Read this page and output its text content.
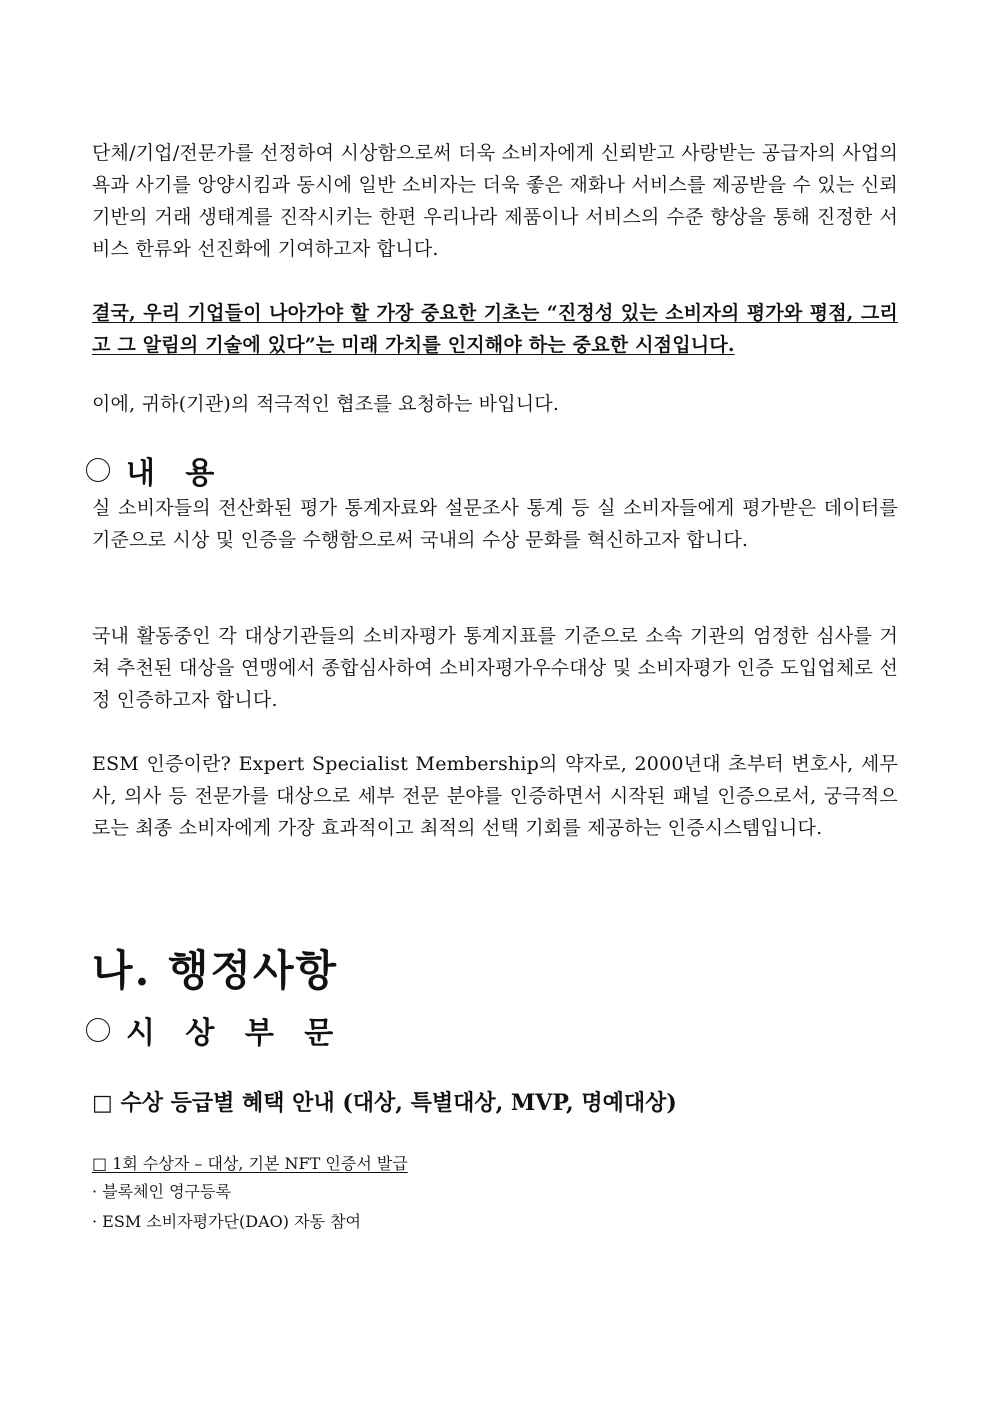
단체/기업/전문가를 선정하여 시상함으로써 더욱 소비자에게 신뢰받고 사랑받는 공급자의 사업의욕과 사기를 앙양시킴과 동시에 일반 소비자는 더욱 좋은 재화나 서비스를 제공받을 수 있는 신뢰기반의 거래 생태계를 진작시키는 한편 우리나라 제품이나 서비스의 수준 향상을 통해 진정한 서비스 한류와 선진화에 기여하고자 합니다.

결국, 우리 기업들이 나아가야 할 가장 중요한 기초는 “진정성 있는 소비자의 평가와 평점, 그리고 그 알림의 기술에 있다”는 미래 가치를 인지해야 하는 중요한 시점입니다.

이에, 귀하(기관)의 적극적인 협조를 요청하는 바입니다.

내 용

실 소비자들의 전산화된 평가 통계자료와 설문조사 통계 등 실 소비자들에게 평가받은 데이터를 기준으로 시상 및 인증을 수행함으로써 국내의 수상 문화를 혁신하고자 합니다.

국내 활동중인 각 대상기관들의 소비자평가 통계지표를 기준으로 소속 기관의 엄정한 심사를 거쳐 추천된 대상을 연맹에서 종합심사하여 소비자평가우수대상 및 소비자평가 인증 도입업체로 선정 인증하고자 합니다.

ESM 인증이란? Expert Specialist Membership의 약자로, 2000년대 초부터 변호사, 세무사, 의사 등 전문가를 대상으로 세부 전문 분야를 인증하면서 시작된 패널 인증으로서, 궁극적으로는 최종 소비자에게 가장 효과적이고 최적의 선택 기회를 제공하는 인증시스템입니다.

나. 행정사항
시 상 부 문

□ 수상 등급별 혜택 안내 (대상, 특별대상, MVP, 명예대상)

□ 1회 수상자 – 대상, 기본 NFT 인증서 발급

· 블록체인 영구등록

· ESM 소비자평가단(DAO) 자동 참여
